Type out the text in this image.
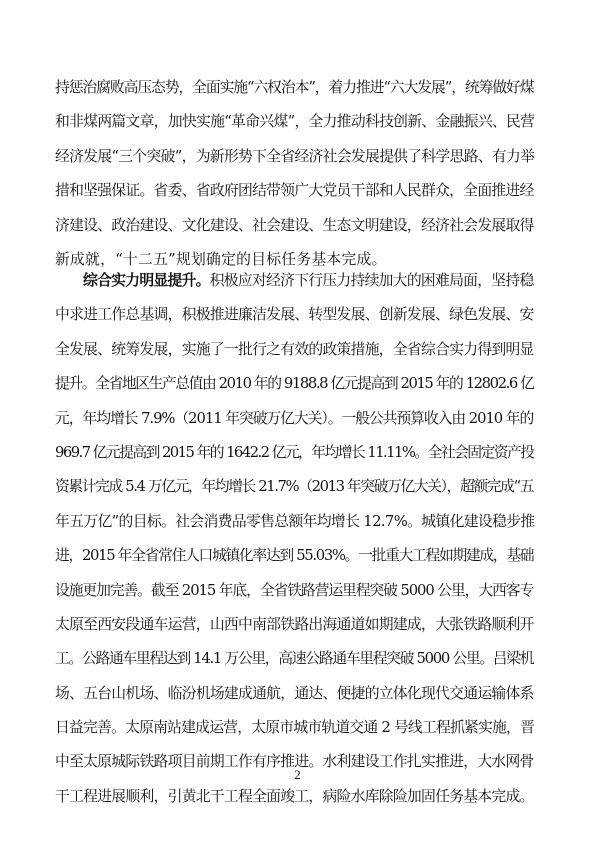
持惩治腐败高压态势，全面实施“六权治本”，着力推进“六大发展”，统筹做好煤
和非煤两篇文章，加快实施“革命兴煤”，全力推动科技创新、金融振兴、民营
经济发展“三个突破”，为新形势下全省经济社会发展提供了科学思路、有力举
措和坚强保证。省委、省政府团结带领广大党员干部和人民群众，全面推进经
济建设、政治建设、文化建设、社会建设、生态文明建设，经济社会发展取得
新成就，“十二五”规划确定的目标任务基本完成。
综合实力明显提升。积极应对经济下行压力持续加大的困难局面，坚持稳
中求进工作总基调，积极推进廉洁发展、转型发展、创新发展、绿色发展、安
全发展、统筹发展，实施了一批行之有效的政策措施，全省综合实力得到明显
提升。全省地区生产总值由 2010 年的 9188.8 亿元提高到 2015 年的 12802.6 亿
元，年均增长 7.9%（2011 年突破万亿大关）。一般公共预算收入由 2010 年的
969.7 亿元提高到 2015 年的 1642.2 亿元，年均增长 11.11%。全社会固定资产投
资累计完成 5.4 万亿元，年均增长 21.7%（2013 年突破万亿大关），超额完成“五
年五万亿”的目标。社会消费品零售总额年均增长 12.7%。城镇化建设稳步推
进，2015 年全省常住人口城镇化率达到 55.03%。一批重大工程如期建成，基础
设施更加完善。截至 2015 年底，全省铁路营运里程突破 5000 公里，大西客专
太原至西安段通车运营，山西中南部铁路出海通道如期建成，大张铁路顺利开
工。公路通车里程达到 14.1 万公里，高速公路通车里程突破 5000 公里。吕梁机
场、五台山机场、临汾机场建成通航，通达、便捷的立体化现代交通运输体系
日益完善。太原南站建成运营，太原市城市轨道交通 2 号线工程抓紧实施，晋
中至太原城际铁路项目前期工作有序推进。水利建设工作扎实推进，大水网骨
干工程进展顺利，引黄北干工程全面竣工，病险水库除险加固任务基本完成。
2
